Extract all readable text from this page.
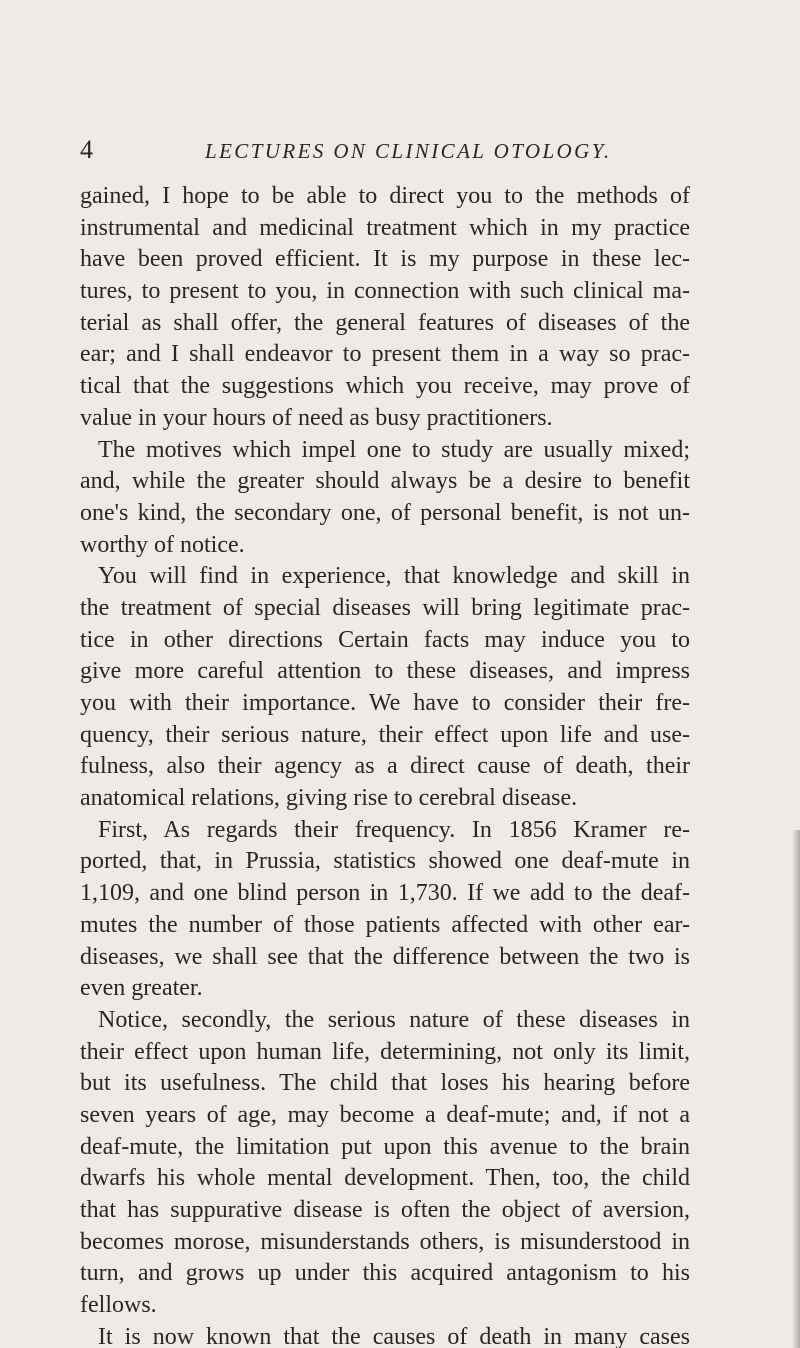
4	LECTURES ON CLINICAL OTOLOGY.
gained, I hope to be able to direct you to the methods of
instrumental and medicinal treatment which in my practice
have been proved efficient. It is my purpose in these lec-
tures, to present to you, in connection with such clinical ma-
terial as shall offer, the general features of diseases of the
ear; and I shall endeavor to present them in a way so prac-
tical that the suggestions which you receive, may prove of
value in your hours of need as busy practitioners.
The motives which impel one to study are usually mixed;
and, while the greater should always be a desire to benefit
one's kind, the secondary one, of personal benefit, is not un-
worthy of notice.
You will find in experience, that knowledge and skill in
the treatment of special diseases will bring legitimate prac-
tice in other directions Certain facts may induce you to
give more careful attention to these diseases, and impress
you with their importance. We have to consider their fre-
quency, their serious nature, their effect upon life and use-
fulness, also their agency as a direct cause of death, their
anatomical relations, giving rise to cerebral disease.
First, As regards their frequency. In 1856 Kramer re-
ported, that, in Prussia, statistics showed one deaf-mute in
1,109, and one blind person in 1,730. If we add to the deaf-
mutes the number of those patients affected with other ear-
diseases, we shall see that the difference between the two is
even greater.
Notice, secondly, the serious nature of these diseases in
their effect upon human life, determining, not only its limit,
but its usefulness. The child that loses his hearing before
seven years of age, may become a deaf-mute; and, if not a
deaf-mute, the limitation put upon this avenue to the brain
dwarfs his whole mental development. Then, too, the child
that has suppurative disease is often the object of aversion,
becomes morose, misunderstands others, is misunderstood in
turn, and grows up under this acquired antagonism to his
fellows.
It is now known that the causes of death in many cases
